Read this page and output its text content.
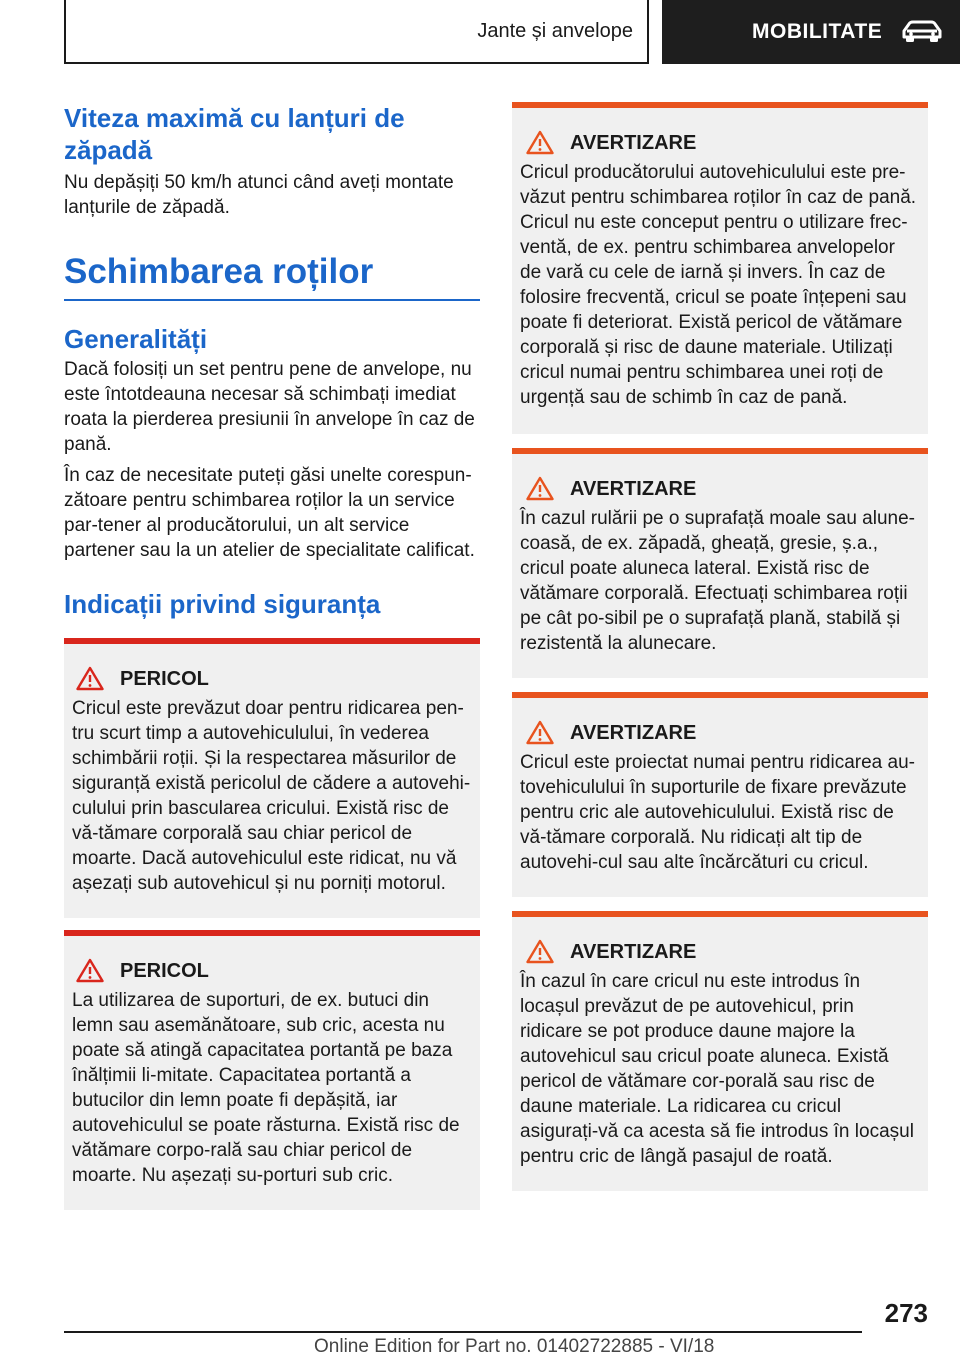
Jante și anvelope	MOBILITATE
Viteza maximă cu lanțuri de zăpadă
Nu depășiți 50 km/h atunci când aveți montate lanțurile de zăpadă.
Schimbarea roților
Generalități
Dacă folosiți un set pentru pene de anvelope, nu este întotdeauna necesar să schimbați imediat roata la pierderea presiunii în anvelope în caz de pană.
În caz de necesitate puteți găsi unelte corespun-zătoare pentru schimbarea roților la un service par-tener al producătorului, un alt service partener sau la un atelier de specialitate calificat.
Indicații privind siguranța
PERICOL
Cricul este prevăzut doar pentru ridicarea pen-tru scurt timp a autovehiculului, în vederea schimbării roții. Și la respectarea măsurilor de siguranță există pericolul de cădere a autovehi-culului prin bascularea cricului. Există risc de vă-tămare corporală sau chiar pericol de moarte. Dacă autovehiculul este ridicat, nu vă așezați sub autovehicul și nu porniți motorul.
PERICOL
La utilizarea de suporturi, de ex. butuci din lemn sau asemănătoare, sub cric, acesta nu poate să atingă capacitatea portantă pe baza înălțimii li-mitate. Capacitatea portantă a butucilor din lemn poate fi depășită, iar autovehiculul se poate răsturna. Există risc de vătămare corpo-rală sau chiar pericol de moarte. Nu așezați su-porturi sub cric.
AVERTIZARE
Cricul producătorului autovehiculului este pre-văzut pentru schimbarea roților în caz de pană. Cricul nu este conceput pentru o utilizare frec-ventă, de ex. pentru schimbarea anvelopelor de vară cu cele de iarnă și invers. În caz de folosire frecventă, cricul se poate înțepeni sau poate fi deteriorat. Există pericol de vătămare corporală și risc de daune materiale. Utilizați cricul numai pentru schimbarea unei roți de urgență sau de schimb în caz de pană.
AVERTIZARE
În cazul rulării pe o suprafață moale sau alune-coasă, de ex. zăpadă, gheață, gresie, ș.a., cricul poate aluneca lateral. Există risc de vătămare corporală. Efectuați schimbarea roții pe cât po-sibil pe o suprafață plană, stabilă și rezistentă la alunecare.
AVERTIZARE
Cricul este proiectat numai pentru ridicarea au-tovehiculului în suporturile de fixare prevăzute pentru cric ale autovehiculului. Există risc de vă-tămare corporală. Nu ridicați alt tip de autovehi-cul sau alte încărcături cu cricul.
AVERTIZARE
În cazul în care cricul nu este introdus în locașul prevăzut de pe autovehicul, prin ridicare se pot produce daune majore la autovehicul sau cricul poate aluneca. Există pericol de vătămare cor-porală sau risc de daune materiale. La ridicarea cu cricul asigurați-vă ca acesta să fie introdus în locașul pentru cric de lângă pasajul de roată.
273
Online Edition for Part no. 01402722885 - VI/18
